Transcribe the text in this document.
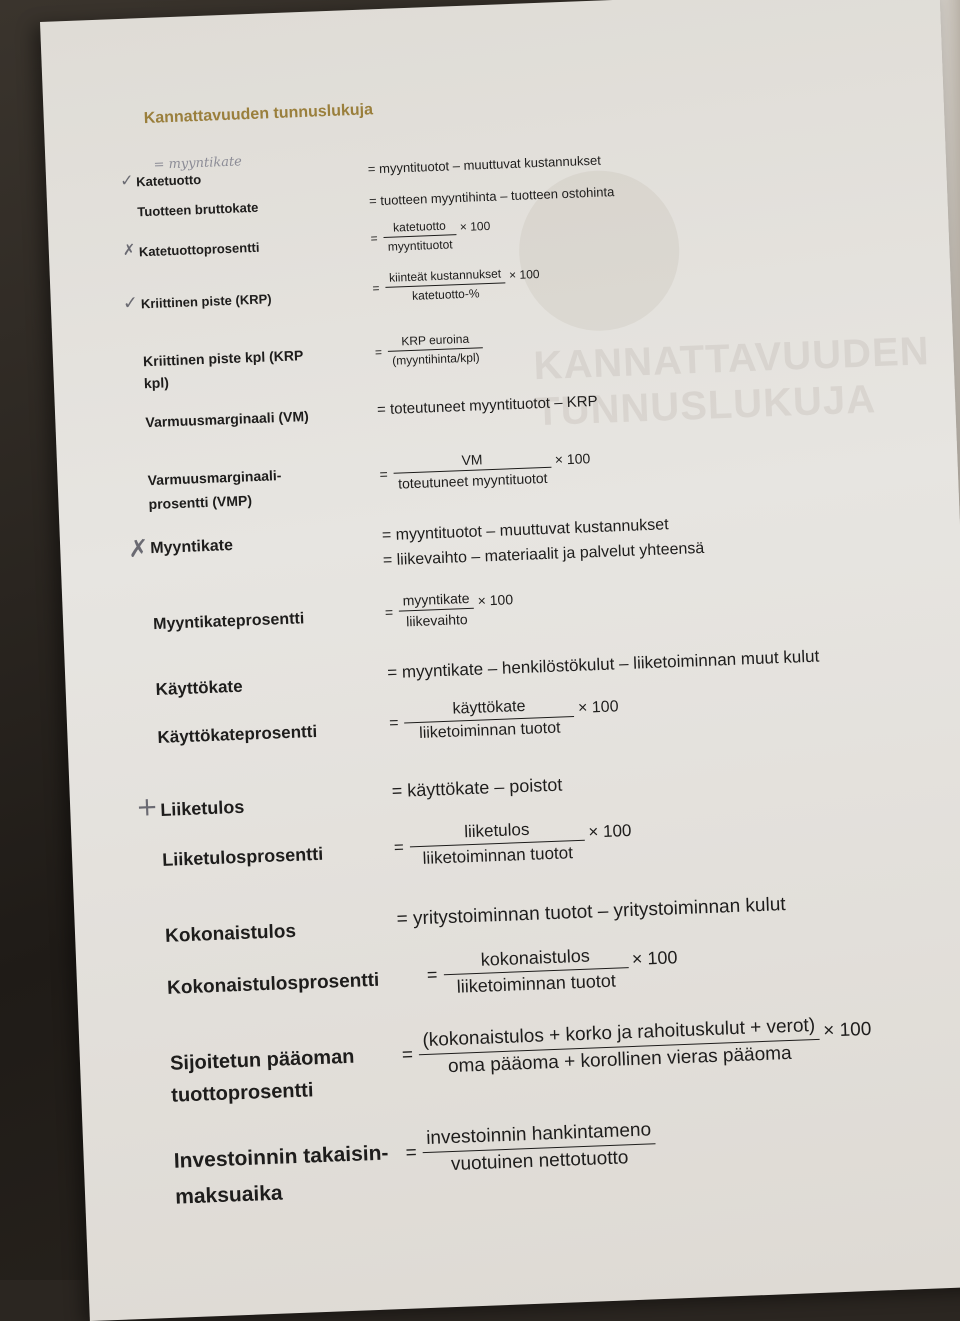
KANNATTAVUUDEN TUNNUSLUKUJA
Kannattavuuden tunnuslukuja
= myyntikate
✓ Katetuotto
= myyntituotot – muuttuvat kustannukset
Tuotteen bruttokate
= tuotteen myyntihinta – tuotteen ostohinta
✗ Katetuottoprosentti
= $\frac{\text{katetuotto}}{\text{myyntituotot}} \times 100$
✓ Kriittinen piste (KRP)
= $\frac{\text{kiinteät kustannukset}}{\text{katetuotto-\%}} \times 100$
Kriittinen piste kpl (KRP kpl)
= $\frac{\text{KRP euroina}}{\text{(myyntihinta/kpl)}}$
Varmuusmarginaali (VM)
= toteutuneet myyntituotot – KRP
Varmuusmarginaali-prosentti (VMP)
=
VM
toteutuneet myyntituotot
× 100
✗ Myyntikate
= myyntituotot – muuttuvat kustannukset
= liikevaihto – materiaalit ja palvelut yhteensä
Myyntikateprosentti	= $\frac{\text{myyntikate}}{\text{liikevaihto}} \times 100$
Käyttökate
= myyntikate – henkilöstökulut – liiketoiminnan muut kulut
Käyttökateprosentti	= $\frac{\text{käyttökate}}{\text{liiketoiminnan tuotot}} \times 100$
+ Liiketulos
= käyttökate – poistot
Liiketulosprosentti	= $\frac{\text{liiketulos}}{\text{liiketoiminnan tuotot}} \times 100$
Kokonaistulos
= yritystoiminnan tuotot – yritystoiminnan kulut
Kokonaistulosprosentti	= $\frac{\text{kokonaistulos}}{\text{liiketoiminnan tuotot}} \times 100$
Sijoitetun pääoman tuottoprosentti
=
(kokonaistulos + korko ja rahoituskulut + verot)
oma pääoma + korollinen vieras pääoma
× 100
Investoinnin takaisin-maksuaika
=
investoinnin hankintameno
vuotuinen nettotuotto
